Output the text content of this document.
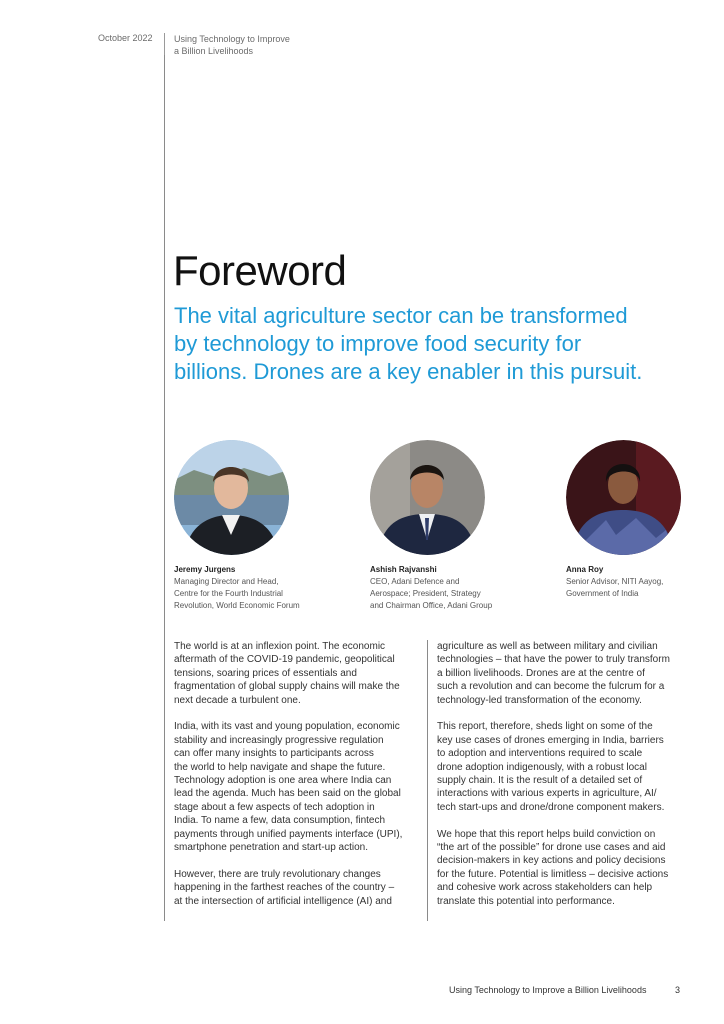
October 2022 Using Technology to Improve
a Billion Livelihoods
Foreword

The vital agriculture sector can be transformed by technology to improve food security for billions. Drones are a key enabler in this pursuit.

Jeremy Jurgens
Managing Director and Head,
Centre for the Fourth Industrial
Revolution, World Economic Forum
Ashish Rajvanshi
CEO, Adani Defence and
Aerospace; President, Strategy
and Chairman Office, Adani Group
Anna Roy
Senior Advisor, NITI Aayog,
Government of India

The world is at an inflexion point. The economic
aftermath of the COVID-19 pandemic, geopolitical
tensions, soaring prices of essentials and
fragmentation of global supply chains will make the
next decade a turbulent one.

India, with its vast and young population, economic
stability and increasingly progressive regulation
can offer many insights to participants across
the world to help navigate and shape the future.
Technology adoption is one area where India can
lead the agenda. Much has been said on the global
stage about a few aspects of tech adoption in
India. To name a few, data consumption, fintech
payments through unified payments interface (UPI),
smartphone penetration and start-up action.

However, there are truly revolutionary changes
happening in the farthest reaches of the country –
at the intersection of artificial intelligence (AI) and

agriculture as well as between military and civilian
technologies – that have the power to truly transform
a billion livelihoods. Drones are at the centre of
such a revolution and can become the fulcrum for a
technology-led transformation of the economy.

This report, therefore, sheds light on some of the
key use cases of drones emerging in India, barriers
to adoption and interventions required to scale
drone adoption indigenously, with a robust local
supply chain. It is the result of a detailed set of
interactions with various experts in agriculture, AI/
tech start-ups and drone/drone component makers.

We hope that this report helps build conviction on
“the art of the possible” for drone use cases and aid
decision-makers in key actions and policy decisions
for the future. Potential is limitless – decisive actions
and cohesive work across stakeholders can help
translate this potential into performance.

Using Technology to Improve a Billion Livelihoods	3
